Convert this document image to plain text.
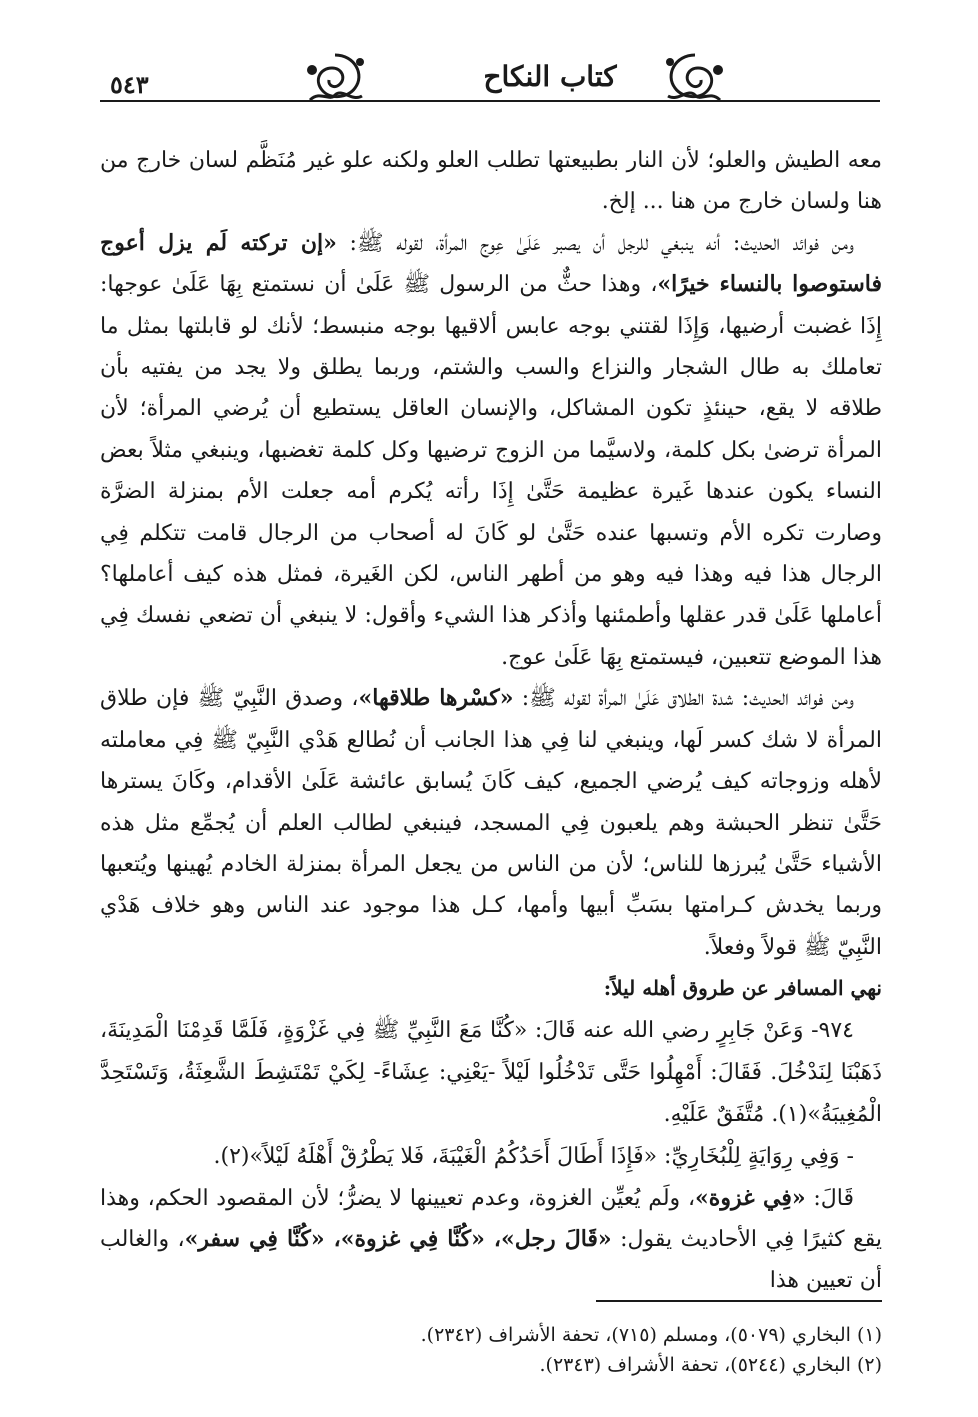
٥٤٣	كتاب النكاح

معه الطيش والعلو؛ لأن النار بطبيعتها تطلب العلو ولكنه علو غير مُنَظَّم لسان خارج من هنا ولسان خارج من هنا ... إلخ.

ومن فوائد الحديث: أنه ينبغي للرجل أن يصبر عَلَىٰ عِوج المرأة، لقوله ﷺ: «إن تركته لَم يزل أعوج فاستوصوا بالنساء خيرًا»، وهذا حثٌّ من الرسول ﷺ عَلَىٰ أن نستمتع بِهَا عَلَىٰ عوجها: إِذَا غضبت أرضيها، وَإِذَا لقتني بوجه عابس ألاقيها بوجه منبسط؛ لأنك لو قابلتها بمثل ما تعاملك به طال الشجار والنزاع والسب والشتم، وربما يطلق ولا يجد من يفتيه بأن طلاقه لا يقع، حينئذٍ تكون المشاكل، والإنسان العاقل يستطيع أن يُرضي المرأة؛ لأن المرأة ترضىٰ بكل كلمة، ولاسيَّما من الزوج ترضيها وكل كلمة تغضبها، وينبغي مثلاً بعض النساء يكون عندها غَيرة عظيمة حَتَّىٰ إِذَا رأته يُكرم أمه جعلت الأم بمنزلة الضرَّة وصارت تكره الأم وتسبها عنده حَتَّىٰ لو كَانَ له أصحاب من الرجال قامت تتكلم فِي الرجال هذا فيه وهذا فيه وهو من أطهر الناس، لكن الغَيرة، فمثل هذه كيف أعاملها؟ أعاملها عَلَىٰ قدر عقلها وأطمئنها وأذكر هذا الشيء وأقول: لا ينبغي أن تضعي نفسك فِي هذا الموضع تتعبين، فيستمتع بِهَا عَلَىٰ عوج.

ومن فوائد الحديث: شدة الطلاق عَلَىٰ المرأة لقوله ﷺ: «كسْرها طلاقها»، وصدق النَّبِيّ ﷺ فإن طلاق المرأة لا شك كسر لَها، وينبغي لنا فِي هذا الجانب أن نُطالع هَدْي النَّبِيّ ﷺ فِي معاملته لأهله وزوجاته كيف يُرضي الجميع، كيف كَانَ يُسابق عائشة عَلَىٰ الأقدام، وكَانَ يسترها حَتَّىٰ تنظر الحبشة وهم يلعبون فِي المسجد، فينبغي لطالب العلم أن يُجمِّع مثل هذه الأشياء حَتَّىٰ يُبرزها للناس؛ لأن من الناس من يجعل المرأة بمنزلة الخادم يُهينها ويُتعبها وربما يخدش كـرامتها بسَبِّ أبيها وأمها، كـل هذا موجود عند الناس وهو خلاف هَدْي النَّبِيّ ﷺ قولاً وفعلاً.

نهي المسافر عن طروق أهله ليلاً:

٩٧٤- وَعَنْ جَابِرٍ رضي الله عنه قَالَ: «كُنَّا مَعَ النَّبِيِّ ﷺ فِي غَزْوَةٍ، فَلَمَّا قَدِمْنَا الْمَدِينَةَ، ذَهَبْنَا لِنَدْخُلَ. فَقَالَ: أَمْهِلُوا حَتَّى تَدْخُلُوا لَيْلاً -يَعْنِي: عِشَاءً- لِكَيْ تَمْتَشِطَ الشَّعِثَةُ، وَتَسْتَحِدَّ الْمُغِيبَةُ»(١). مُتَّفَقٌ عَلَيْهِ.

- وَفِي رِوَايَةٍ لِلْبُخَارِيِّ: «فَإِذَا أَطَالَ أَحَدُكُمُ الْغَيْبَةَ، فَلا يَطْرُقْ أَهْلَهُ لَيْلاً»(٢).

قَالَ: «فِي غزوة»، ولَم يُعيِّن الغزوة، وعدم تعيينها لا يضرُّ؛ لأن المقصود الحكم، وهذا يقع كثيرًا فِي الأحاديث يقول: «قَالَ رجل»، «كُنَّا فِي غزوة»، «كُنَّا فِي سفر»، والغالب أن تعيين هذا

(١) البخاري (٥٠٧٩)، ومسلم (٧١٥)، تحفة الأشراف (٢٣٤٢).

(٢) البخاري (٥٢٤٤)، تحفة الأشراف (٢٣٤٣).
